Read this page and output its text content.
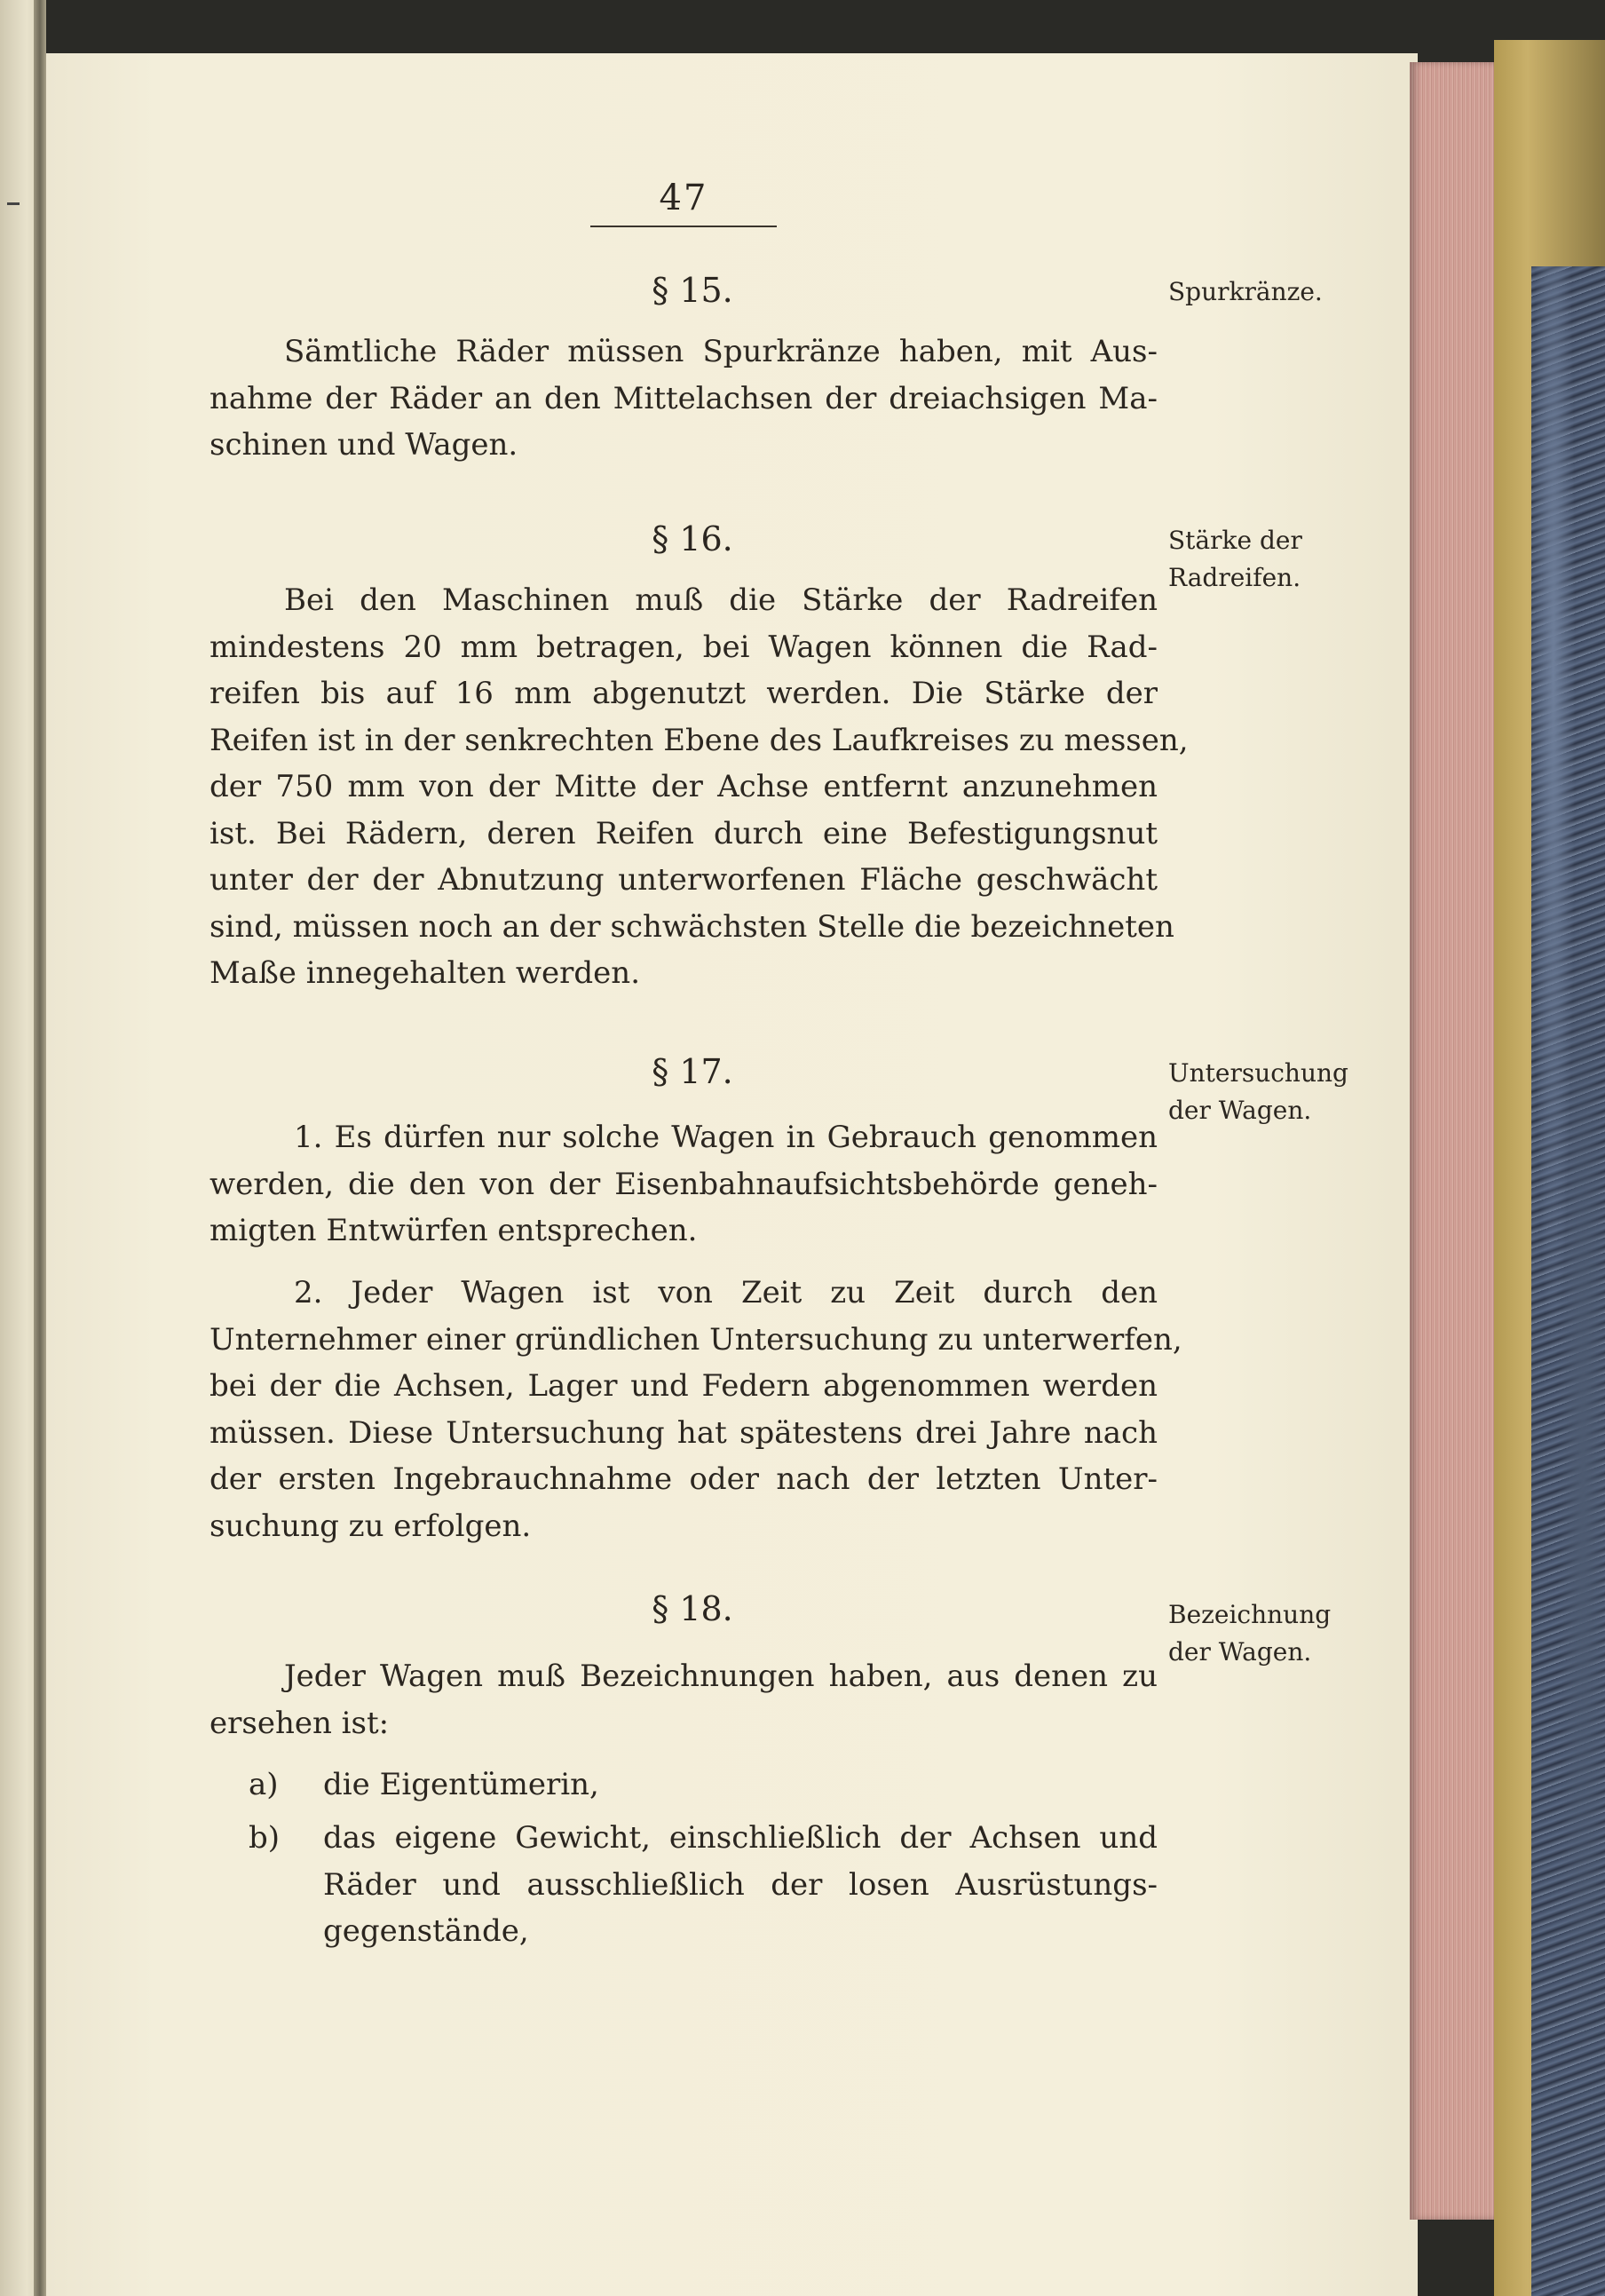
47
§ 15.	Spurkränze.
Sämtliche Räder müssen Spurkränze haben, mit Aus-
nahme der Räder an den Mittelachsen der dreiachsigen Ma-
schinen und Wagen.
§ 16.	Stärke der
Radreifen.
Bei den Maschinen muß die Stärke der Radreifen
mindestens 20 mm betragen, bei Wagen können die Rad-
reifen bis auf 16 mm abgenutzt werden. Die Stärke der
Reifen ist in der senkrechten Ebene des Laufkreises zu messen,
der 750 mm von der Mitte der Achse entfernt anzunehmen
ist. Bei Rädern, deren Reifen durch eine Befestigungsnut
unter der der Abnutzung unterworfenen Fläche geschwächt
sind, müssen noch an der schwächsten Stelle die bezeichneten
Maße innegehalten werden.
§ 17.	Untersuchung
der Wagen.
1. Es dürfen nur solche Wagen in Gebrauch genommen
werden, die den von der Eisenbahnaufsichtsbehörde geneh-
migten Entwürfen entsprechen.
2. Jeder Wagen ist von Zeit zu Zeit durch den
Unternehmer einer gründlichen Untersuchung zu unterwerfen,
bei der die Achsen, Lager und Federn abgenommen werden
müssen. Diese Untersuchung hat spätestens drei Jahre nach
der ersten Ingebrauchnahme oder nach der letzten Unter-
suchung zu erfolgen.
§ 18.	Bezeichnung
der Wagen.
Jeder Wagen muß Bezeichnungen haben, aus denen zu
ersehen ist:
a)	die Eigentümerin,
b)	das eigene Gewicht, einschließlich der Achsen und
Räder und ausschließlich der losen Ausrüstungs-
gegenstände,
